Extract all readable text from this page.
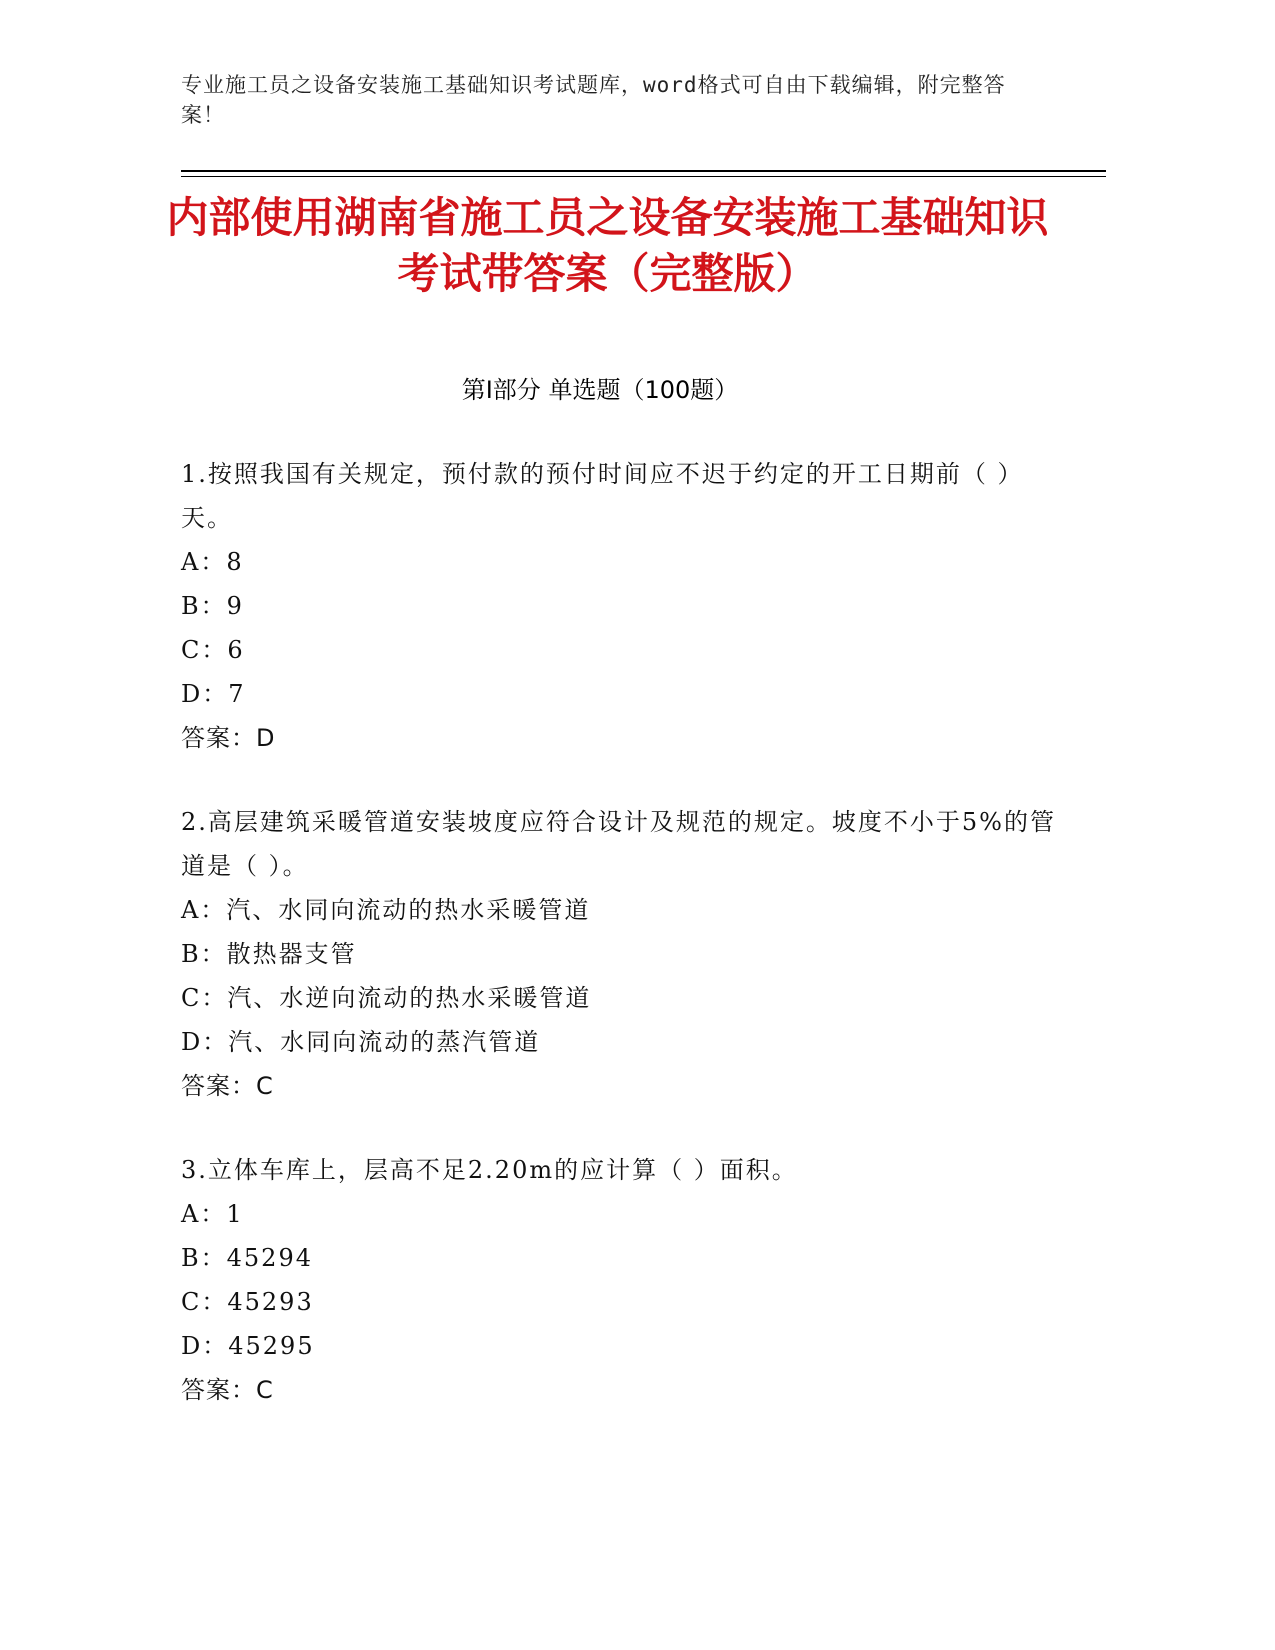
专业施工员之设备安装施工基础知识考试题库，word格式可自由下载编辑，附完整答案！
内部使用湖南省施工员之设备安装施工基础知识考试带答案（完整版）
第Ⅰ部分 单选题（100题）
1.按照我国有关规定，预付款的预付时间应不迟于约定的开工日期前（ ）天。
A：8
B：9
C：6
D：7
答案：D
2.高层建筑采暖管道安装坡度应符合设计及规范的规定。坡度不小于5%的管道是（ ）。
A：汽、水同向流动的热水采暖管道
B：散热器支管
C：汽、水逆向流动的热水采暖管道
D：汽、水同向流动的蒸汽管道
答案：C
3.立体车库上，层高不足2.20m的应计算（ ）面积。
A：1
B：45294
C：45293
D：45295
答案：C
